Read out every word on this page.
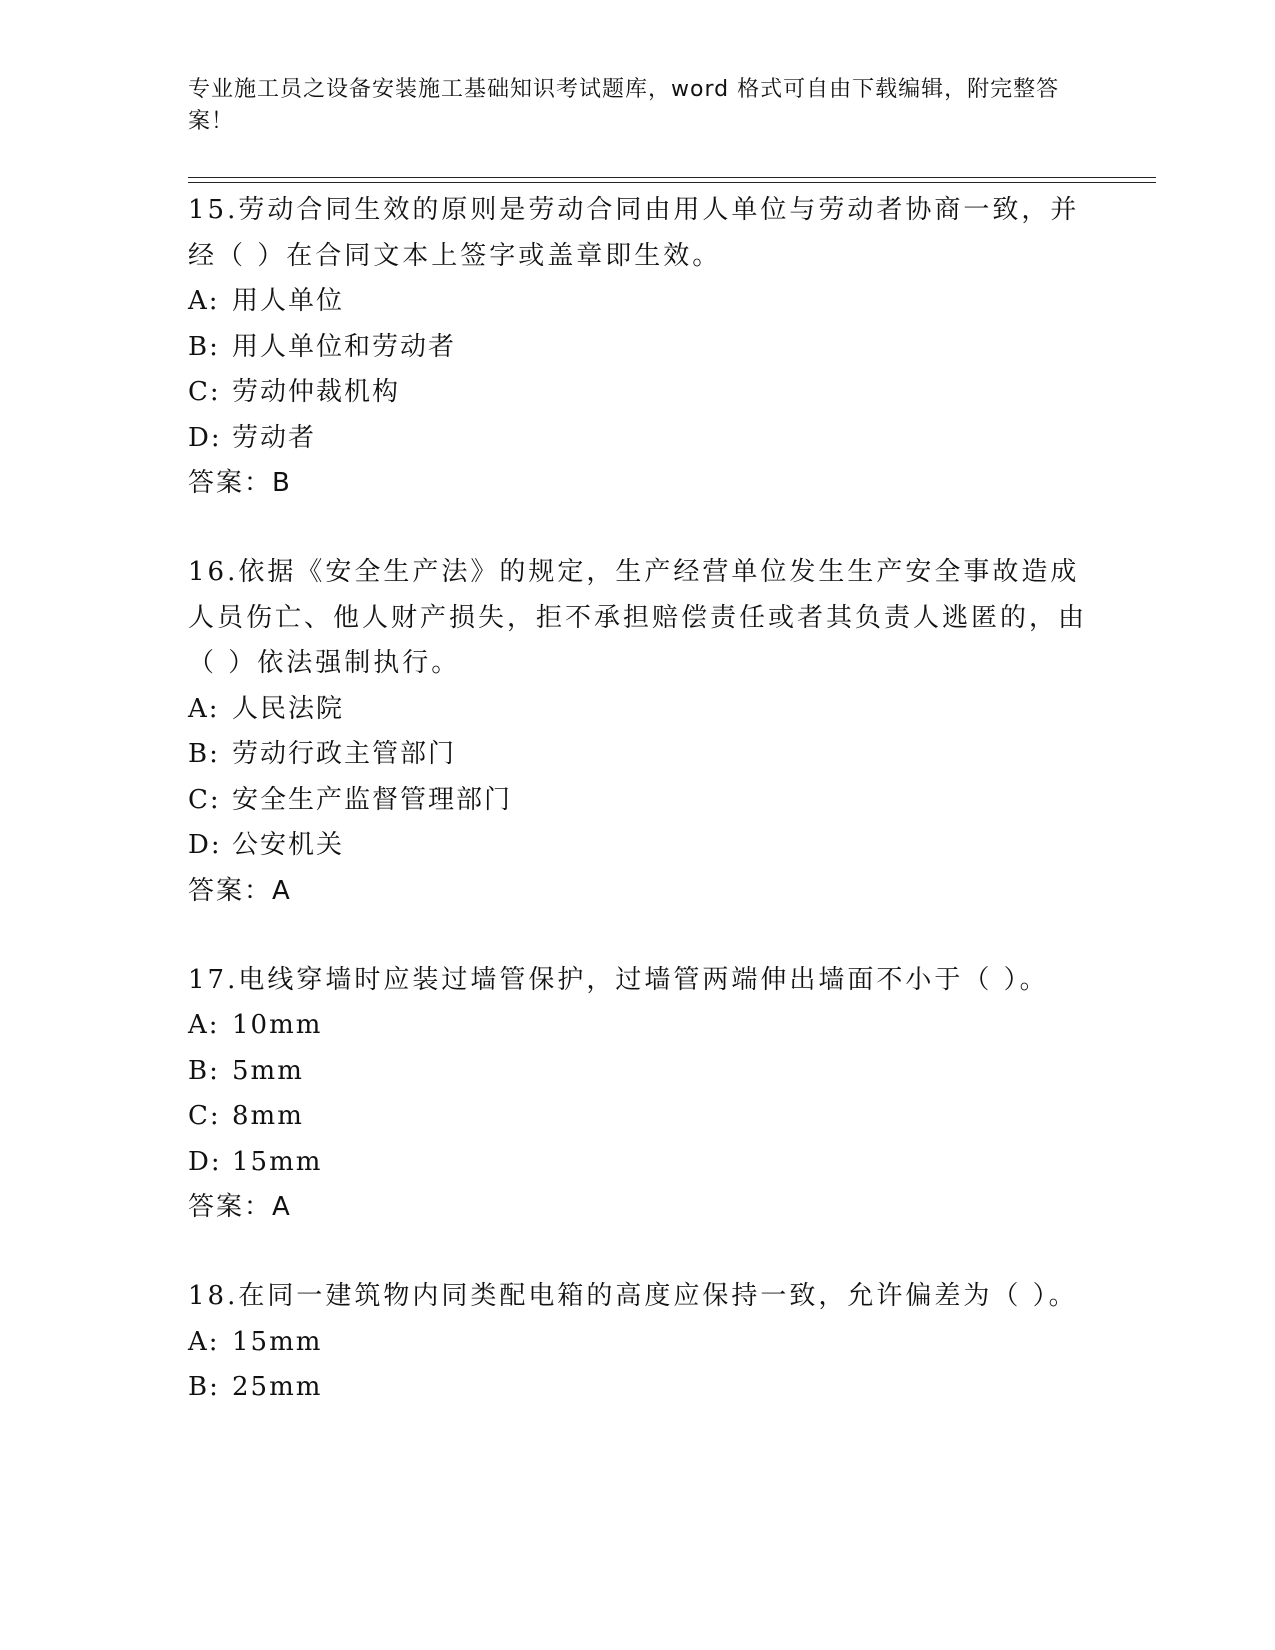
专业施工员之设备安装施工基础知识考试题库，word 格式可自由下载编辑，附完整答案！

15.劳动合同生效的原则是劳动合同由用人单位与劳动者协商一致，并经（ ）在合同文本上签字或盖章即生效。

A: 用人单位

B: 用人单位和劳动者

C: 劳动仲裁机构

D: 劳动者

答案：B

16.依据《安全生产法》的规定，生产经营单位发生生产安全事故造成人员伤亡、他人财产损失，拒不承担赔偿责任或者其负责人逃匿的，由（ ）依法强制执行。

A: 人民法院

B: 劳动行政主管部门

C: 安全生产监督管理部门

D: 公安机关

答案：A

17.电线穿墙时应装过墙管保护，过墙管两端伸出墙面不小于（ ）。

A: 10mm

B: 5mm

C: 8mm

D: 15mm

答案：A

18.在同一建筑物内同类配电箱的高度应保持一致，允许偏差为（ ）。

A: 15mm

B: 25mm
